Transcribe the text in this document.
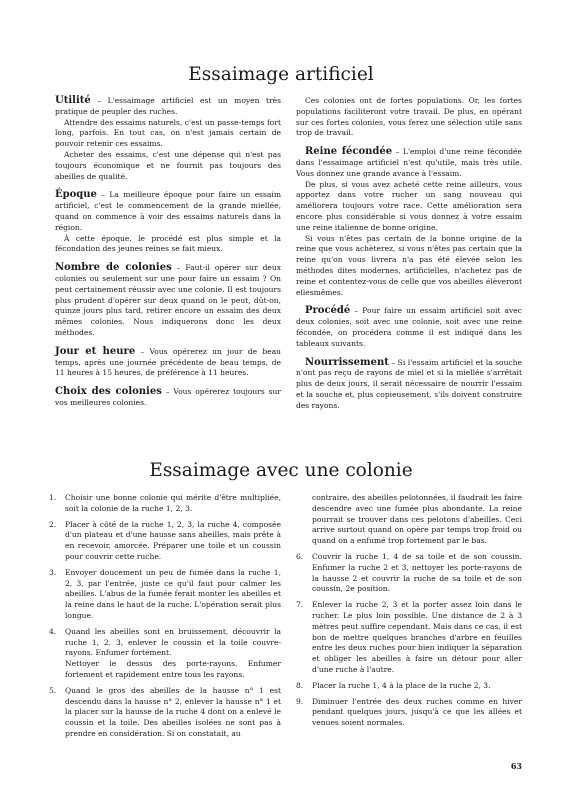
Essaimage artificiel

Utilité – L'essaimage artificiel est un moyen très pratique de peupler des ruches.

Attendre des essaims naturels, c'est un passe-temps fort long, parfois. En tout cas, on n'est jamais certain de pouvoir retenir ces essaims.

Acheter des essaims, c'est une dépense qui n'est pas toujours économique et ne fournit pas toujours des abeilles de qualité.

Époque – La meilleure époque pour faire un essaim artificiel, c'est le commencement de la grande miellée, quand on commence à voir des essaims naturels dans la région.

À cette époque, le procédé est plus simple et la fécondation des jeunes reines se fait mieux.

Nombre de colonies – Faut-il opérer sur deux colonies ou seulement sur une pour faire un essaim ? On peut certainement réussir avec une colonie. Il est toujours plus prudent d'opérer sur deux quand on le peut, dût-on, quinze jours plus tard, retirer encore un essaim des deux mêmes colonies. Nous indiquerons donc les deux méthodes.

Jour et heure – Vous opérerez un jour de beau temps, après une journée précédente de beau temps, de 11 heures à 15 heures, de préférence à 11 heures.

Choix des colonies – Vous opérerez toujours sur vos meilleures colonies.

Ces colonies ont de fortes populations. Or, les fortes populations faciliteront votre travail. De plus, en opérant sur ces fortes colonies, vous ferez une sélection utile sans trop de travail.

Reine fécondée – L'emploi d'une reine fécondée dans l'essaimage artificiel n'est qu'utile, mais très utile. Vous donnez une grande avance à l'essaim.

De plus, si vous avez acheté cette reine ailleurs, vous apportez dans votre rucher un sang nouveau qui améliorera toujours votre race. Cette amélioration sera encore plus considérable si vous donnez à votre essaim une reine italienne de bonne origine.

Si vous n'êtes pas certain de la bonne origine de la reine que vous achèterez, si vous n'êtes pas certain que la reine qu'on vous livrera n'a pas été élevée selon les méthodes dites modernes, artificielles, n'achetez pas de reine et contentez-vous de celle que vos abeilles élèveront ellesmêmes.

Procédé – Pour faire un essaim artificiel soit avec deux colonies, soit avec une colonie, soit avec une reine fécondée, on procédera comme il est indiqué dans les tableaux suivants.

Nourrissement – Si l'essaim artificiel et la souche n'ont pas reçu de rayons de miel et si la miellée s'arrêtait plus de deux jours, il serait nécessaire de nourrir l'essaim et la souche et, plus copieusement, s'ils doivent construire des rayons.

Essaimage avec une colonie
1. Choisir une bonne colonie qui mérite d'être multipliée, soit la colonie de la ruche 1, 2, 3.
2. Placer à côté de la ruche 1, 2, 3, la ruche 4, composée d'un plateau et d'une hausse sans abeilles, mais prête à en recevoir, amorcée. Préparer une toile et un coussin pour couvrir cette ruche.
3. Envoyer doucement un peu de fumée dans la ruche 1, 2, 3, par l'entrée, juste ce qu'il faut pour calmer les abeilles. L'abus de la fumée ferait monter les abeilles et la reine dans le haut de la ruche. L'opération serait plus longue.
4. Quand les abeilles sont en bruissement, découvrir la ruche 1, 2, 3, enlever le coussin et la toile couvre-rayons. Enfumer fortement.
Nettoyer le dessus des porte-rayons. Enfumer fortement et rapidement entre tous les rayons.
5. Quand le gros des abeilles de la hausse n° 1 est descendu dans la hausse n° 2, enlever la hausse n° 1 et la placer sur la hausse de la ruche 4 dont on a enlevé le coussin et la toile. Des abeilles isolées ne sont pas à prendre en considération. Si on constatait, au
contraire, des abeilles pelotonnées, il faudrait les faire descendre avec une fumée plus abondante. La reine pourrait se trouver dans ces pelotons d'abeilles. Ceci arrive surtout quand on opère par temps trop froid ou quand on a enfumé trop fortement par le bas.
6. Couvrir la ruche 1, 4 de sa toile et de son coussin. Enfumer la ruche 2 et 3, nettoyer les porte-rayons de la hausse 2 et couvrir la ruche de sa toile et de son coussin, 2e position.
7. Enlever la ruche 2, 3 et la porter assez loin dans le rucher. Le plus loin possible. Une distance de 2 à 3 mètres peut suffire cependant. Mais dans ce cas, il est bon de mettre quelques branches d'arbre en feuilles entre les deux ruches pour bien indiquer la séparation et obliger les abeilles à faire un détour pour aller d'une ruche à l'autre.
8. Placer la ruche 1, 4 à la place de la ruche 2, 3.
9. Diminuer l'entrée des deux ruches comme en hiver pendant quelques jours, jusqu'à ce que les allées et venues soient normales.
63
